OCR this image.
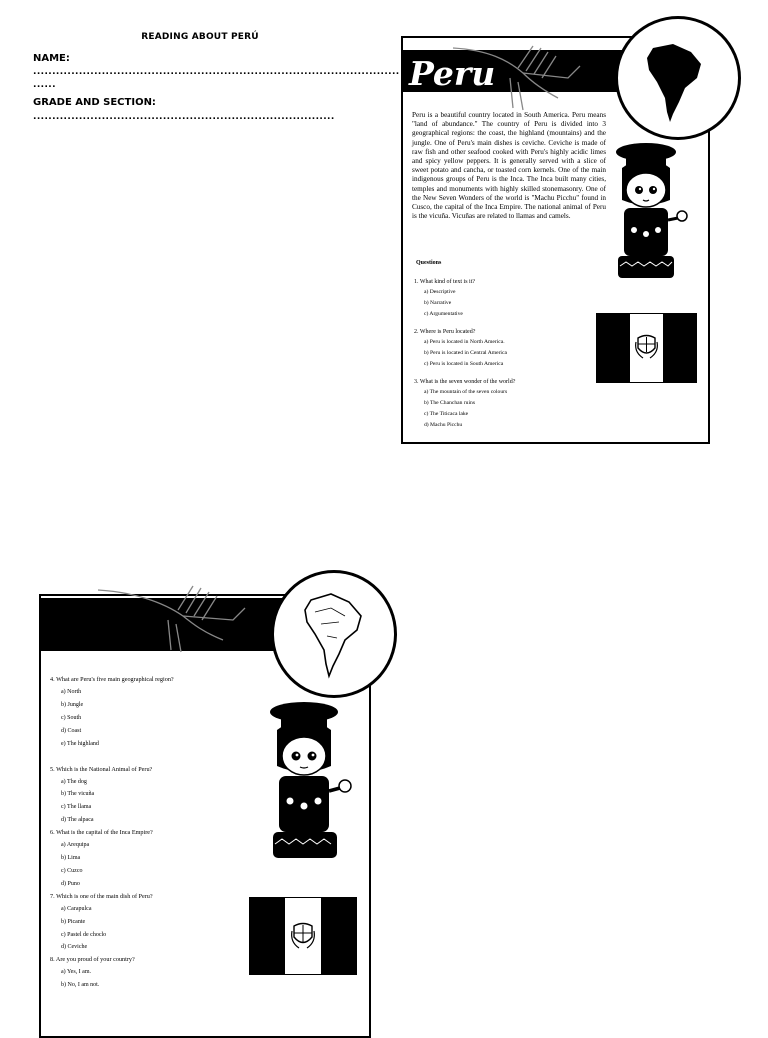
READING ABOUT PERÚ
NAME:
................................................................................................
......
GRADE AND SECTION:
...............................................................................
Peru
Peru is a beautiful country located in South America. Peru means "land of abundance." The country of Peru is divided into 3 geographical regions: the coast, the highland (mountains) and the jungle. One of Peru's main dishes is ceviche. Ceviche is made of raw fish and other seafood cooked with Peru's highly acidic limes and spicy yellow peppers. It is generally served with a slice of sweet potato and cancha, or toasted corn kernels. One of the main indigenous groups of Peru is the Inca. The Inca built many cities, temples and monuments with highly skilled stonemasonry. One of the New Seven Wonders of the world is "Machu Picchu" found in Cusco, the capital of the Inca Empire. The national animal of Peru is the vicuña. Vicuñas are related to llamas and camels.
Questions
1. What kind of text is it?
a) Descriptive
b) Narrative
c) Argumentative
2. Where is Peru located?
a) Peru is located in North America.
b) Peru is located in Central America
c) Peru is located in South America
3. What is the seven wonder of the world?
a) The mountain of the seven colours
b) The Chanchan ruins
c) The Titicaca lake
d) Machu Picchu
4. What are Peru's five main geographical region?
a) North
b) Jungle
c) South
d) Coast
e) The highland
5. Which is the National Animal of Peru?
a) The dog
b) The vicuña
c) The llama
d) The alpaca
6. What is the capital of the Inca Empire?
a) Arequipa
b) Lima
c) Cuzco
d) Puno
7. Which is one of the main dish of Peru?
a) Carapulca
b) Picante
c) Pastel de choclo
d) Ceviche
8. Are you proud of your country?
a) Yes, I am.
b) No, I am not.
